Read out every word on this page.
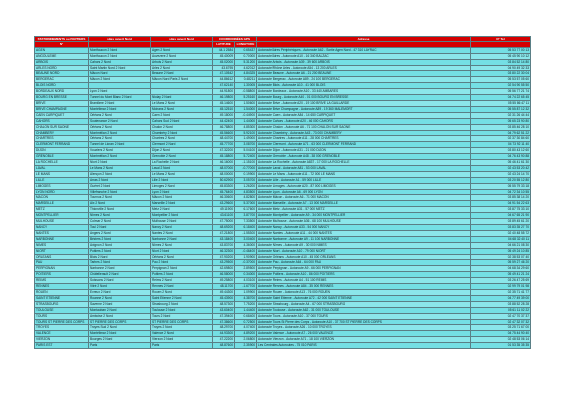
STATIONNEMENTS ou PARTIERS	sites ouvert Nord	sites ouvert Nord	COORDONNÉES GPS		Adresse	N° Tel
N°			LATITUDE	LONGITUDE		
AGEN	Montfaucon 2 Nord	Agen 2 Nord	44.1 2584	0.65437	Autoroute/Aires Périphériques - Autoroute A62 - Sortie Agen Nord - 47 310 LAYRAC	05 53 77 00 13
ANGOULEME	Montfaucon 2 Nord	Auvezere 2 Nord	45.40009	0.70000	Autoroute/Aires - Autoroute A10 - 16 340 BALZAC	05 45 90 10 12
ARBOIS	Cahors 2 Nord	Arbois 2 Nord	45.02000	5.31200	Autoroute Arbois - Autoroute A39 - 39 600 ARBOIS	03 84 52 14 80
ARLES NORD	Saint Martin Nord 2 Nord	Arles 2 Nord	43.6795	4.62012	Autoroute/Rhône Arles - Autoroute A54 - 13 200 ARLES	04 90 49 32 33
BEAUNE NORD	Mâcon Nord	Beaune 2 Nord	47.10542	4.84325	Autoroute Beaune - Autoroute A6 - 21 200 BEAUNE	03 80 22 30 04
BERGERAC	Mâcon 2 Nord	Mâcon Nord Paris 2 Nord	44.86612	0.48211	Autoroute Bergerac - Autoroute A89 - 24 100 BERGERAC	05 53 57 05 60
BLOIS NORD			47.62140	1.30005	Autoroute Blois - Autoroute A10 - 41 000 BLOIS	02 54 90 55 50
BORDEAUX NORD	Lyon 2 Nord		44.91800	-0.58800	Autoroute Bordeaux - Autoroute A10 - 33 440 AMBARES	05 56 77 21 74
BOURG EN BRESSE	Tunnel du Mont Blanc 2 Nord	Niolay 2 Nord	46.19800	5.25160	Autoroute Bourg - Autoroute A40 - 01 000 BOURG EN BRESSE	04 74 22 65 45
BRIVE	Brantôme 2 Nord	Le Mans 2 Nord	45.14600	1.50600	Autoroute Brive - Autoroute A20 - 19 100 BRIVE LA GAILLARDE	05 55 86 47 11
BRIVE CHAMPAGNE	Montélimar 2 Nord	Moirans 2 Nord	45.12510	1.54000	Autoroute Brive Champagne - Autoroute A89 - 19 360 MALEMORT	05 55 87 12 32
CAEN CARPIQUET	Orléans 2 Nord	Caen 2 Nord	49.18000	-0.44900	Autoroute Caen - Autoroute A84 - 14 650 CARPIQUET	02 31 26 44 44
CAHORS	Soutenance 2 Nord	Cahors Sud 2 Nord	44.42400	1.44000	Autoroute Cahors - Autoroute A20 - 46 000 CAHORS	05 65 23 90 80
CHALON SUR SAONE	Orléans 2 Nord	Chalon 2 Nord	46.78800	4.85300	Autoroute Chalon - Autoroute A6 - 71 100 CHALON SUR SAONE	03 85 46 28 10
CHAMBERY	Montmélian 2 Nord	Chambéry 2 Nord	45.56600	5.92100	Autoroute Chambéry - Autoroute A43 - 73 000 CHAMBERY	04 79 62 51 22
CHARTRES	Orléans 2 Nord	Chartres 2 Nord	48.44700	1.49000	Autoroute Chartres - Autoroute A11 - 28 000 CHARTRES	02 37 30 84 60
CLERMONT FERRAND	Tunnel de Lioran 2 Nord	Clermont 2 Nord	45.77700	3.08700	Autoroute Clermont - Autoroute A71 - 63 000 CLERMONT FERRAND	04 73 92 11 40
DIJON	Vouziers 2 Nord	Dijon 2 Nord	47.32200	5.04100	Autoroute Dijon - Autoroute A31 - 21 000 DIJON	03 80 43 12 60
GRENOBLE	Montmélian 2 Nord	Grenoble 2 Nord	45.18800	5.72400	Autoroute Grenoble - Autoroute A48 - 38 000 GRENOBLE	04 76 43 90 88
LA ROCHELLE	Niort 2 Nord	La Rochelle 2 Nord	46.16000	-1.15100	Autoroute La Rochelle - Autoroute A837 - 17 000 LA ROCHELLE	05 46 41 61 30
LAVAL	Le Mans 2 Nord	Laval 2 Nord	48.07000	-0.77000	Autoroute Laval - Autoroute A81 - 53 000 LAVAL	02 43 53 20 42
LE MANS	Alençon 2 Nord	Le Mans 2 Nord	48.00000	0.19900	Autoroute Le Mans - Autoroute A11 - 72 000 LE MANS	02 43 24 14 70
LILLE	Arras 2 Nord	Lille 2 Nord	50.62900	3.05700	Autoroute Lille - Autoroute A1 - 59 000 LILLE	03 20 55 12 80
LIMOGES	Guéret 2 Nord	Limoges 2 Nord	45.83300	1.26200	Autoroute Limoges - Autoroute A20 - 87 000 LIMOGES	05 55 79 33 18
LYON NORD	Villefranche 2 Nord	Lyon 2 Nord	45.76400	4.83500	Autoroute Lyon - Autoroute A6 - 69 000 LYON	04 72 34 10 55
MACON	Tournus 2 Nord	Mâcon 2 Nord	46.30600	4.82800	Autoroute Mâcon - Autoroute A6 - 71 000 MACON	03 85 38 14 20
MARSEILLE	Aix 2 Nord	Marseille 2 Nord	43.29600	5.37000	Autoroute Marseille - Autoroute A7 - 13 000 MARSEILLE	04 91 54 22 63
METZ	Thionville 2 Nord	Metz 2 Nord	49.11900	6.17600	Autoroute Metz - Autoroute A31 - 57 000 METZ	03 87 75 33 10
MONTPELLIER	Nîmes 2 Nord	Montpellier 2 Nord	43.61100	3.87700	Autoroute Montpellier - Autoroute A9 - 34 000 MONTPELLIER	04 67 65 21 90
MULHOUSE	Colmar 2 Nord	Mulhouse 2 Nord	47.75000	7.33500	Autoroute Mulhouse - Autoroute A36 - 68 100 MULHOUSE	03 89 45 61 20
NANCY	Toul 2 Nord	Nancy 2 Nord	48.69200	6.18400	Autoroute Nancy - Autoroute A33 - 54 000 NANCY	03 83 35 27 70
NANTES	Angers 2 Nord	Nantes 2 Nord	47.21800	-1.55300	Autoroute Nantes - Autoroute A11 - 44 000 NANTES	02 40 48 55 72
NARBONNE	Béziers 2 Nord	Narbonne 2 Nord	43.18400	3.00400	Autoroute Narbonne - Autoroute A9 - 11 100 NARBONNE	04 68 32 40 11
NIMES	Avignon 2 Nord	Nîmes 2 Nord	43.83700	4.36000	Autoroute Nîmes - Autoroute A9 - 30 000 NIMES	04 66 21 08 30
NIORT	Poitiers 2 Nord	Niort 2 Nord	46.32300	-0.46400	Autoroute Niort - Autoroute A10 - 79 000 NIORT	05 49 24 10 85
ORLEANS	Blois 2 Nord	Orléans 2 Nord	47.90200	1.90900	Autoroute Orléans - Autoroute A10 - 45 000 ORLEANS	02 38 53 07 40
PAU	Tarbes 2 Nord	Pau 2 Nord	43.29500	-0.37000	Autoroute Pau - Autoroute A64 - 64 000 PAU	05 59 27 46 20
PERPIGNAN	Narbonne 2 Nord	Perpignan 2 Nord	42.69800	2.89500	Autoroute Perpignan - Autoroute A9 - 66 000 PERPIGNAN	04 68 34 29 60
POITIERS	Châtellerault 2 Nord	Poitiers 2 Nord	46.58000	0.34000	Autoroute Poitiers - Autoroute A10 - 86 000 POITIERS	05 49 41 21 24
REIMS	Soissons 2 Nord	Reims 2 Nord	49.25800	4.03100	Autoroute Reims - Autoroute A4 - 51 100 REIMS	03 26 47 25 69
RENNES	Vitré 2 Nord	Rennes 2 Nord	48.11700	-1.67700	Autoroute Rennes - Autoroute A84 - 35 000 RENNES	02 99 79 01 98
ROUEN	Evreux 2 Nord	Rouen 2 Nord	49.44300	1.09900	Autoroute Rouen - Autoroute A13 - 76 000 ROUEN	02 35 71 41 77
SAINT ETIENNE	Roanne 2 Nord	Saint Etienne 2 Nord	45.43900	4.38700	Autoroute Saint Etienne - Autoroute A72 - 42 000 SAINT ETIENNE	04 77 49 39 00
STRASBOURG	Saverne 2 Nord	Strasbourg 2 Nord	48.57300	7.75200	Autoroute Strasbourg - Autoroute A4 - 67 000 STRASBOURG	03 88 52 28 28
TOULOUSE	Montauban 2 Nord	Toulouse 2 Nord	43.60400	1.44400	Autoroute Toulouse - Autoroute A62 - 31 000 TOULOUSE	05 61 11 02 22
TOURS	Amboise 2 Nord	Tours 2 Nord	47.39400	0.68400	Autoroute Tours - Autoroute A10 - 37 000 TOURS	02 47 70 37 37
TOURS ST PIERRE DES CORPS	ST PIERRE DES CORPS	ST PIERRE DES CORPS	47.38600	0.72500	Autoroute Tours St Pierre des Corps - Autoroute A10 - 37 700 ST PIERRE DES CORPS	02 47 32 07 32
TROYES	Troyes Sud 2 Nord	Troyes 2 Nord	48.29700	4.07400	Autoroute Troyes - Autoroute A26 - 10 000 TROYES	03 25 71 67 00
VALENCE	Montélimar 2 Nord	Valence 2 Nord	44.93300	4.89200	Autoroute Valence - Autoroute A7 - 26 000 VALENCE	04 75 44 90 40
VIERZON	Bourges 2 Nord	Vierzon 2 Nord	47.22200	2.06800	Autoroute Vierzon - Autoroute A71 - 18 100 VIERZON	02 48 53 06 14
PARIS EST	Paris	Paris	48.87600	2.35900	Les Centrales Autoroutes - 75 010 PARIS	01 53 35 35 35
